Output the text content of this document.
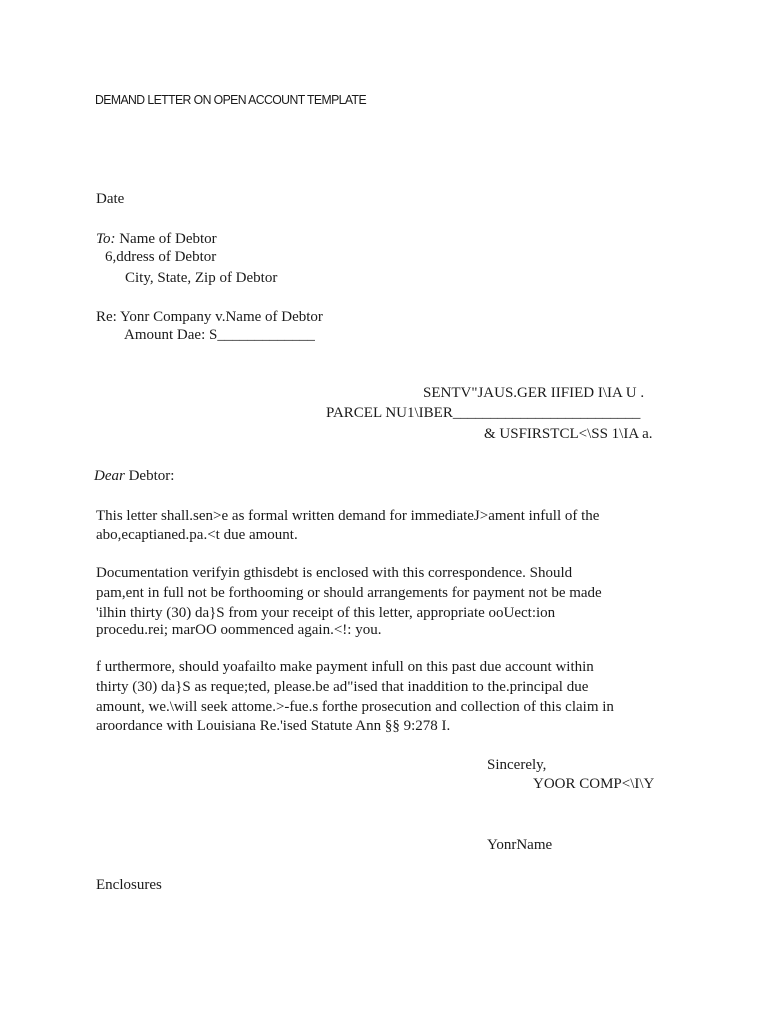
DEMAND LETTER ON OPEN ACCOUNT TEMPLATE
Date
To: Name of Debtor
6,ddress of Debtor
City, State, Zip of Debtor
Re: Yonr Company v.Name of Debtor
Amount Dae: S_____________
SENTV"JAUS.GER IIFIED I\IA U .
PARCEL NU1\IBER_________________________
& USFIRSTCL<\SS 1\IA a.
Dear Debtor:
This letter shall.sen>e as formal written demand for immediateJ>ament infull of the
abo,ecaptianed.pa.<t due amount.
Documentation verifyin gthisdebt is enclosed with this correspondence. Should
pam,ent in full not be forthooming or should arrangements for payment not be made
'ilhin thirty (30) da}S from your receipt of this letter, appropriate ooUect:ion
procedu.rei; marOO oommenced again.<!: you.
f urthermore, should yoafailto make payment infull on this past due account within
thirty (30) da}S as reque;ted, please.be ad"ised that inaddition to the.principal due
amount, we.\will seek attome.>-fue.s forthe prosecution and collection of this claim in
aroordance with Louisiana Re.'ised Statute Ann §§ 9:278 I.
Sincerely,
YOOR COMP<\I\Y
YonrName
Enclosures
